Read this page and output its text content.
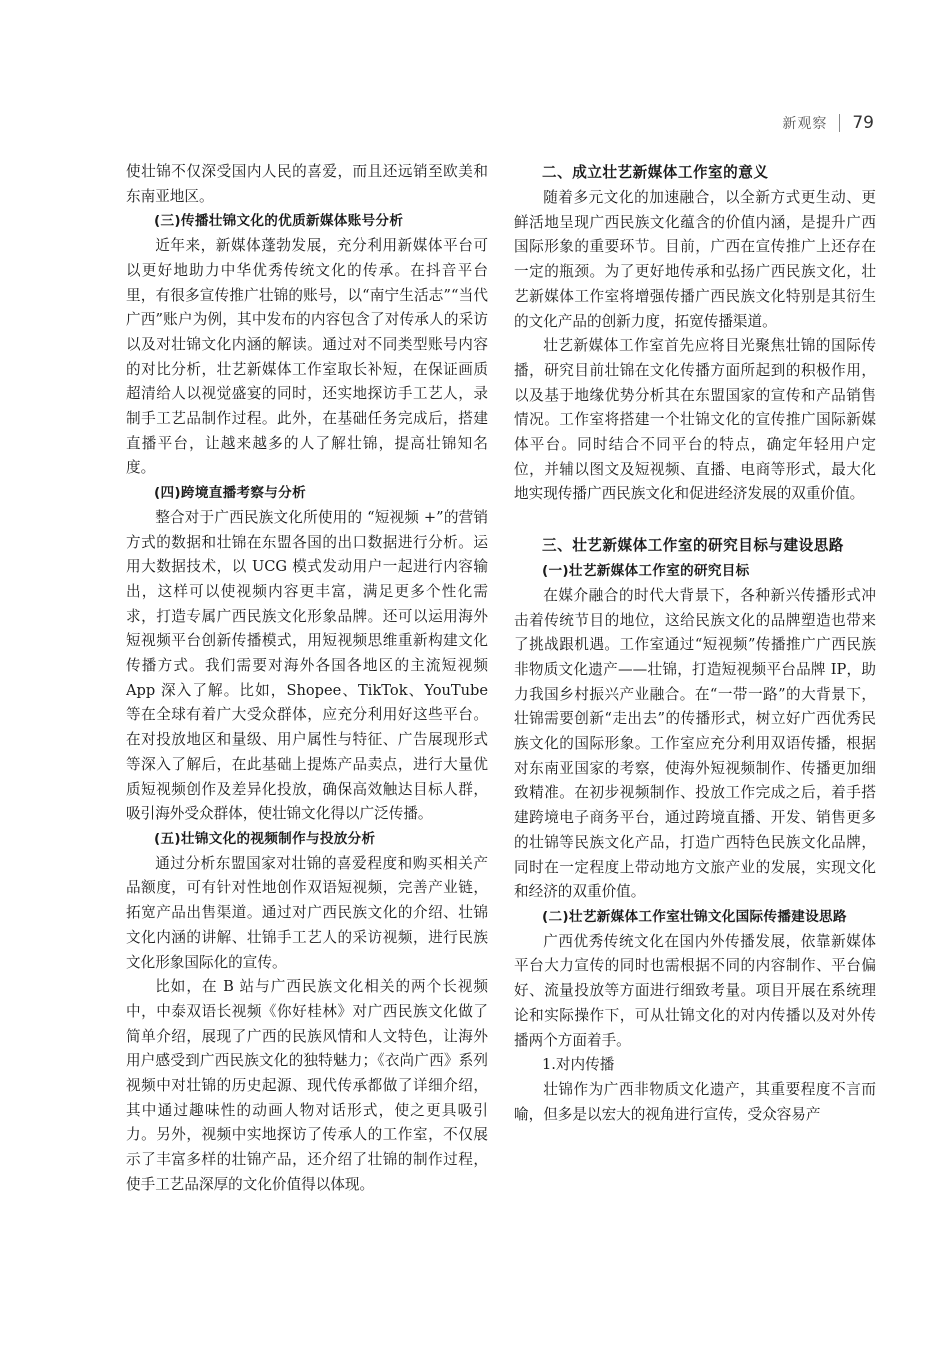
新观察 79

使壮锦不仅深受国内人民的喜爱，而且还远销至欧美和东南亚地区。

(三)传播壮锦文化的优质新媒体账号分析

近年来，新媒体蓬勃发展，充分利用新媒体平台可以更好地助力中华优秀传统文化的传承。在抖音平台里，有很多宣传推广壮锦的账号，以“南宁生活志”“当代广西”账户为例，其中发布的内容包含了对传承人的采访以及对壮锦文化内涵的解读。通过对不同类型账号内容的对比分析，壮艺新媒体工作室取长补短，在保证画质超清给人以视觉盛宴的同时，还实地探访手工艺人，录制手工艺品制作过程。此外，在基础任务完成后，搭建直播平台，让越来越多的人了解壮锦，提高壮锦知名度。

(四)跨境直播考察与分析

整合对于广西民族文化所使用的 “短视频 +”的营销方式的数据和壮锦在东盟各国的出口数据进行分析。运用大数据技术，以 UCG 模式发动用户一起进行内容输出，这样可以使视频内容更丰富，满足更多个性化需求，打造专属广西民族文化形象品牌。还可以运用海外短视频平台创新传播模式，用短视频思维重新构建文化传播方式。我们需要对海外各国各地区的主流短视频 App 深入了解。比如，Shopee、TikTok、YouTube 等在全球有着广大受众群体，应充分利用好这些平台。在对投放地区和量级、用户属性与特征、广告展现形式等深入了解后，在此基础上提炼产品卖点，进行大量优质短视频创作及差异化投放，确保高效触达目标人群，吸引海外受众群体，使壮锦文化得以广泛传播。

(五)壮锦文化的视频制作与投放分析

通过分析东盟国家对壮锦的喜爱程度和购买相关产品额度，可有针对性地创作双语短视频，完善产业链，拓宽产品出售渠道。通过对广西民族文化的介绍、壮锦文化内涵的讲解、壮锦手工艺人的采访视频，进行民族文化形象国际化的宣传。

比如，在 B 站与广西民族文化相关的两个长视频中，中泰双语长视频《你好桂林》对广西民族文化做了简单介绍，展现了广西的民族风情和人文特色，让海外用户感受到广西民族文化的独特魅力；《衣尚广西》系列视频中对壮锦的历史起源、现代传承都做了详细介绍，其中通过趣味性的动画人物对话形式，使之更具吸引力。另外，视频中实地探访了传承人的工作室，不仅展示了丰富多样的壮锦产品，还介绍了壮锦的制作过程，使手工艺品深厚的文化价值得以体现。

二、成立壮艺新媒体工作室的意义

随着多元文化的加速融合，以全新方式更生动、更鲜活地呈现广西民族文化蕴含的价值内涵，是提升广西国际形象的重要环节。目前，广西在宣传推广上还存在一定的瓶颈。为了更好地传承和弘扬广西民族文化，壮艺新媒体工作室将增强传播广西民族文化特别是其衍生的文化产品的创新力度，拓宽传播渠道。

壮艺新媒体工作室首先应将目光聚焦壮锦的国际传播，研究目前壮锦在文化传播方面所起到的积极作用，以及基于地缘优势分析其在东盟国家的宣传和产品销售情况。工作室将搭建一个壮锦文化的宣传推广国际新媒体平台。同时结合不同平台的特点，确定年轻用户定位，并辅以图文及短视频、直播、电商等形式，最大化地实现传播广西民族文化和促进经济发展的双重价值。

三、壮艺新媒体工作室的研究目标与建设思路
(一)壮艺新媒体工作室的研究目标

在媒介融合的时代大背景下，各种新兴传播形式冲击着传统节目的地位，这给民族文化的品牌塑造也带来了挑战跟机遇。工作室通过“短视频”传播推广广西民族非物质文化遗产——壮锦，打造短视频平台品牌 IP，助力我国乡村振兴产业融合。在“一带一路”的大背景下，壮锦需要创新“走出去”的传播形式，树立好广西优秀民族文化的国际形象。工作室应充分利用双语传播，根据对东南亚国家的考察，使海外短视频制作、传播更加细致精准。在初步视频制作、投放工作完成之后，着手搭建跨境电子商务平台，通过跨境直播、开发、销售更多的壮锦等民族文化产品，打造广西特色民族文化品牌，同时在一定程度上带动地方文旅产业的发展，实现文化和经济的双重价值。

(二)壮艺新媒体工作室壮锦文化国际传播建设思路

广西优秀传统文化在国内外传播发展，依靠新媒体平台大力宣传的同时也需根据不同的内容制作、平台偏好、流量投放等方面进行细致考量。项目开展在系统理论和实际操作下，可从壮锦文化的对内传播以及对外传播两个方面着手。

1.对内传播

壮锦作为广西非物质文化遗产，其重要程度不言而喻，但多是以宏大的视角进行宣传，受众容易产
